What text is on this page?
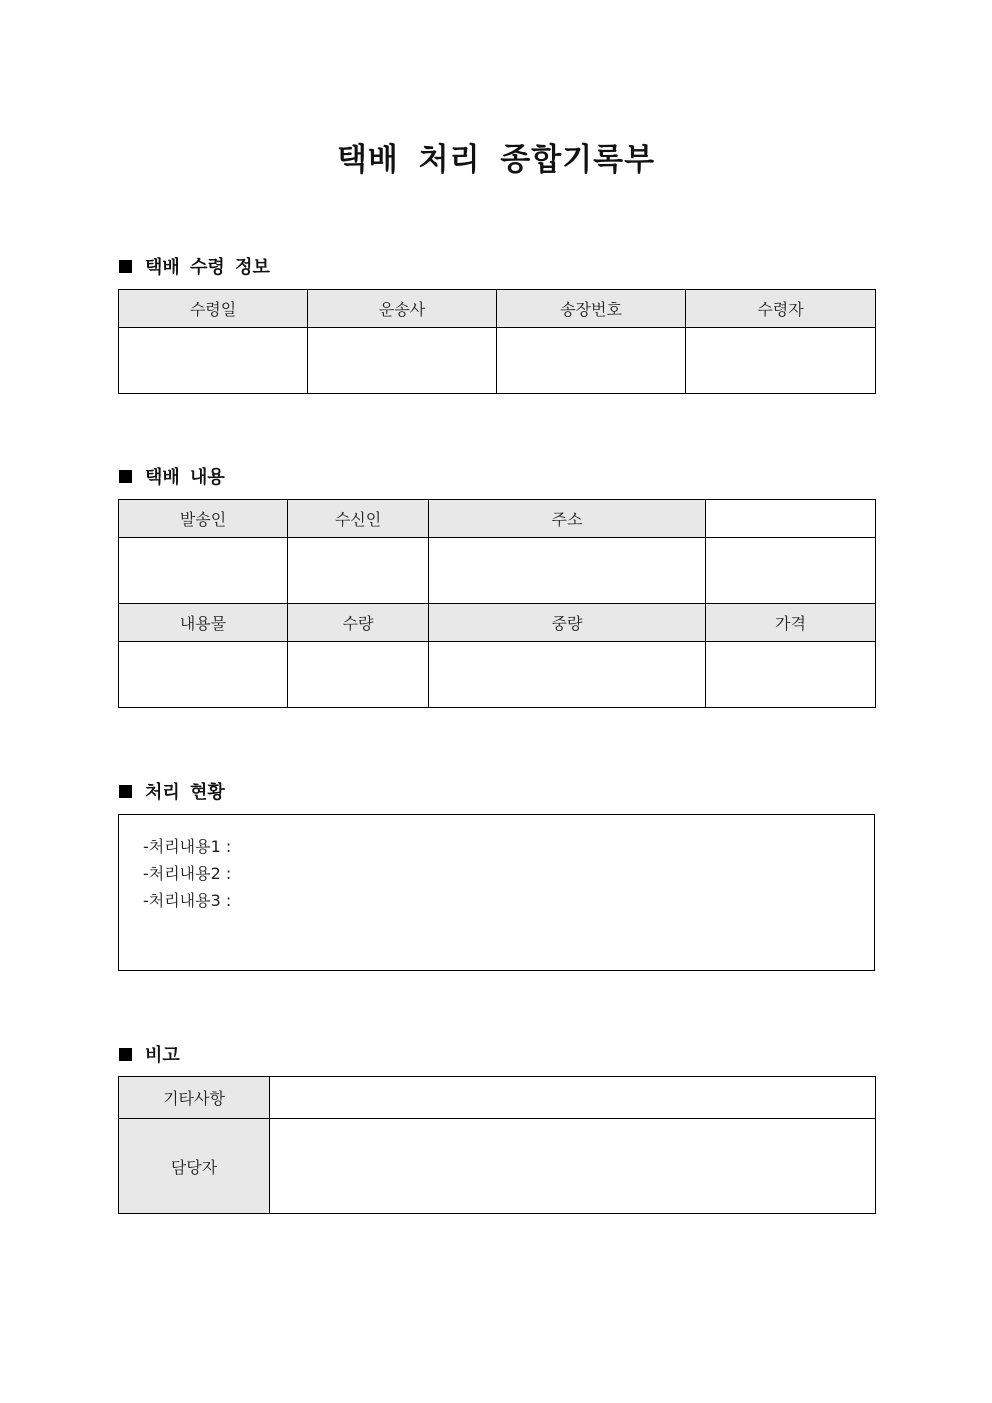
택배 처리 종합기록부
택배 수령 정보
수령일	운송사	송장번호	수령자

택배 내용
발송인	수신인	주소	

내용물	수량	중량	가격

처리 현황
-처리내용1 :
-처리내용2 :
-처리내용3 :
비고
기타사항	
담당자	
